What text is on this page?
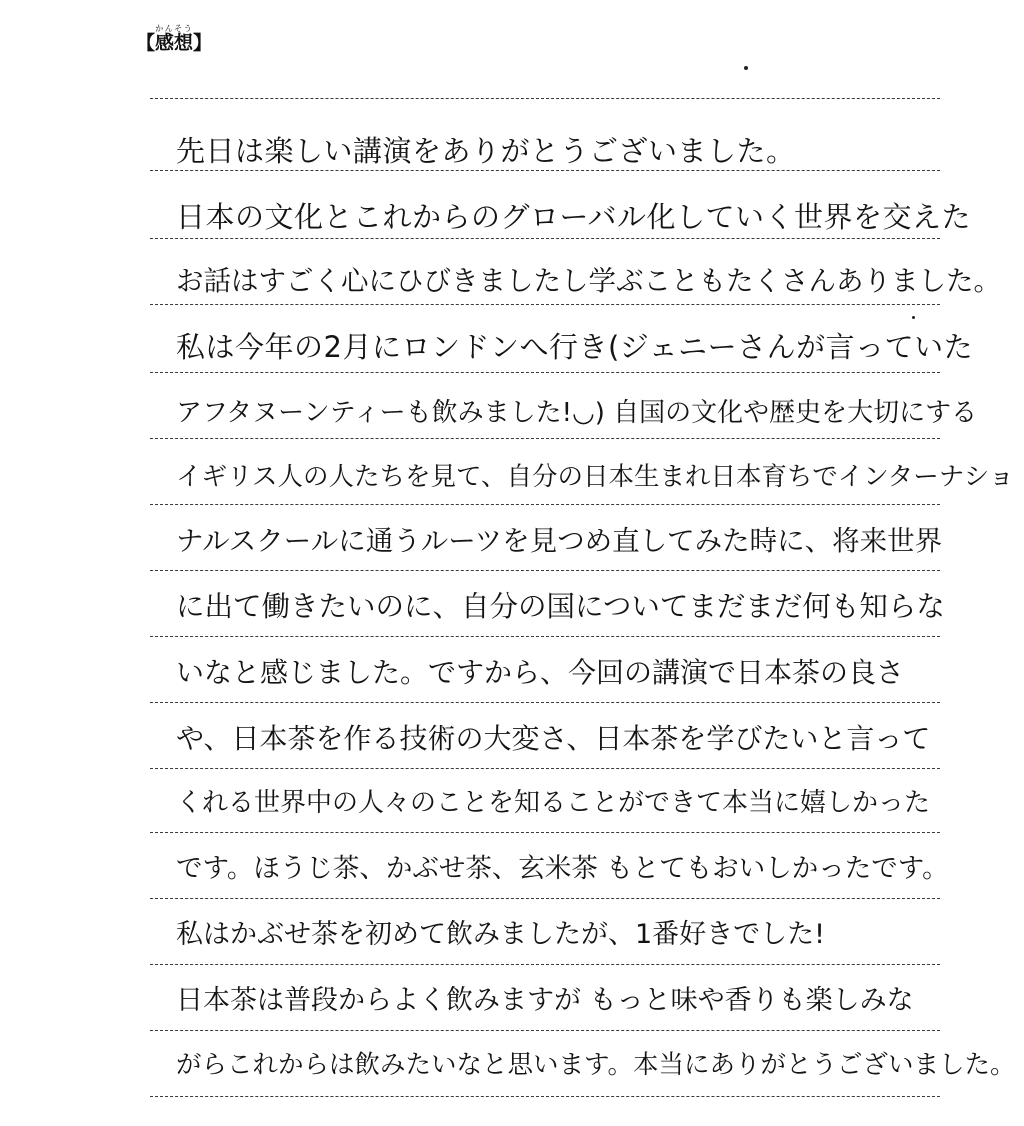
【感想かんそう】
先日は楽しい講演をありがとうございました。
日本の文化とこれからのグローバル化していく世界を交えた
お話はすごく心にひびきましたし学ぶこともたくさんありました。
私は今年の2月にロンドンへ行き(ジェニーさんが言っていた
アフタヌーンティーも飲みました!◡) 自国の文化や歴史を大切にする
イギリス人の人たちを見て、自分の日本生まれ日本育ちでインターナショ
ナルスクールに通うルーツを見つめ直してみた時に、将来世界
に出て働きたいのに、自分の国についてまだまだ何も知らな
いなと感じました。ですから、今回の講演で日本茶の良さ
や、日本茶を作る技術の大変さ、日本茶を学びたいと言って
くれる世界中の人々のことを知ることができて本当に嬉しかった
です。ほうじ茶、かぶせ茶、玄米茶 もとてもおいしかったです。
私はかぶせ茶を初めて飲みましたが、1番好きでした!
日本茶は普段からよく飲みますが もっと味や香りも楽しみな
がらこれからは飲みたいなと思います。本当にありがとうございました。
